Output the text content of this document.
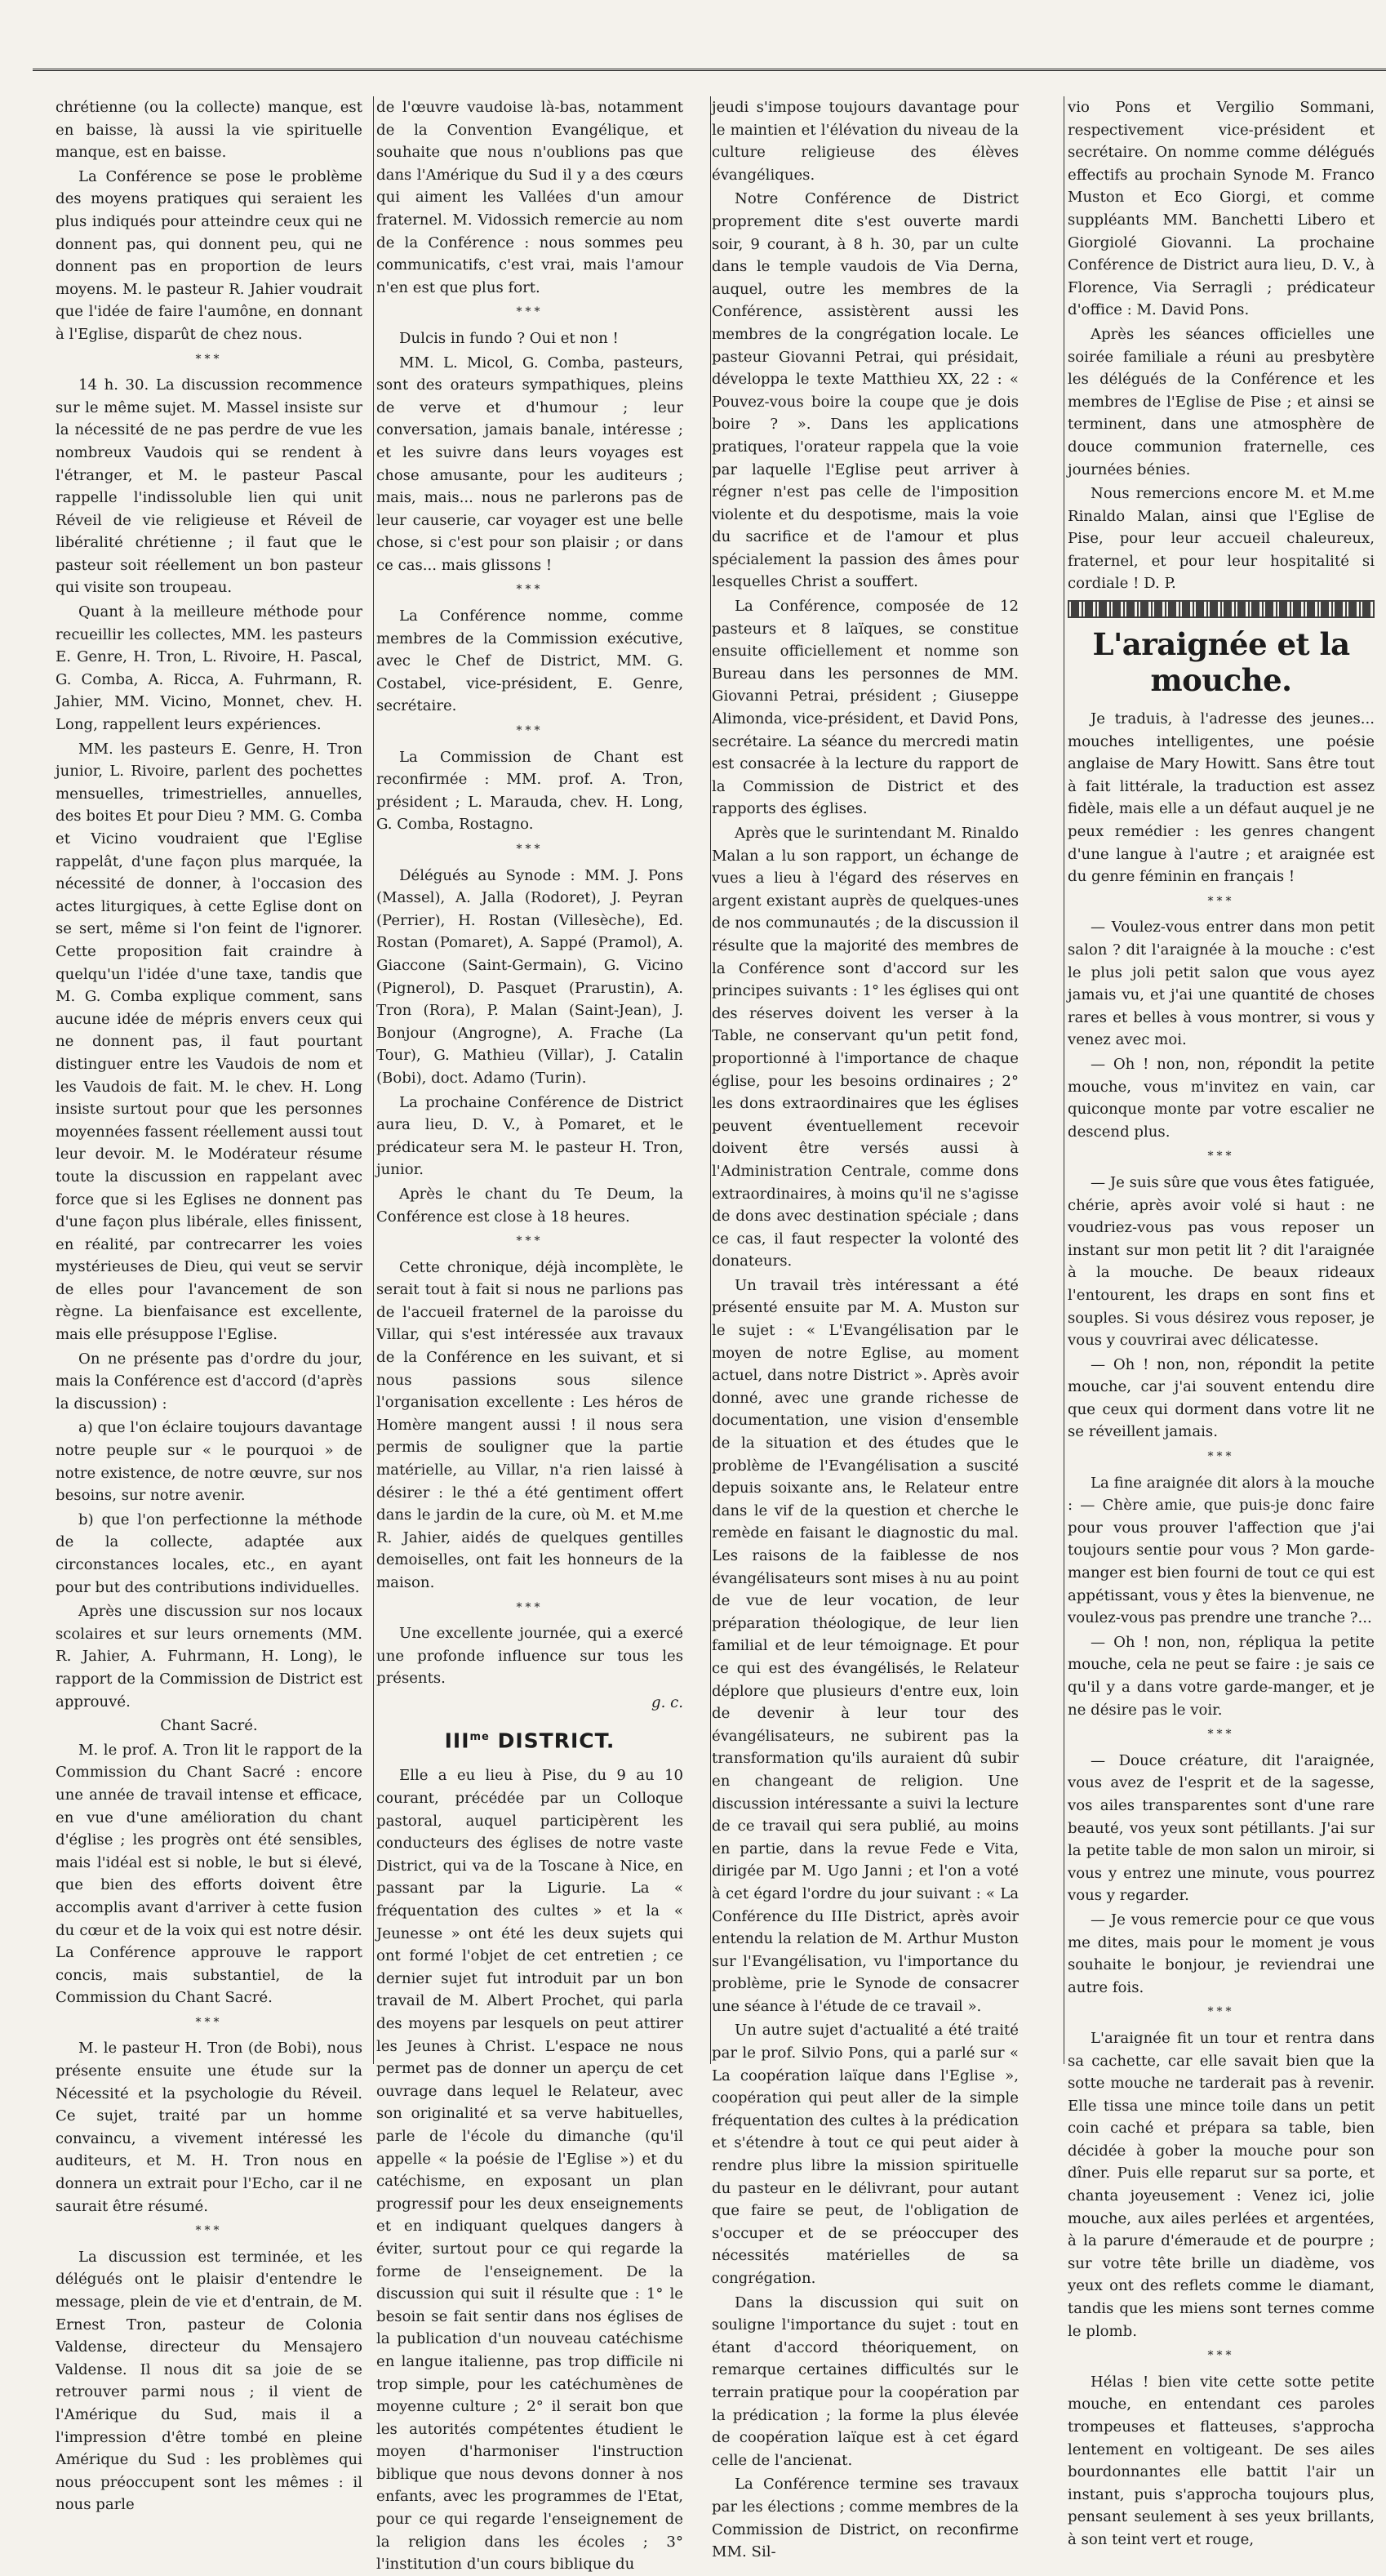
chrétienne (ou la collecte) manque, est en baisse, là aussi la vie spirituelle manque, est en baisse.

La Conférence se pose le problème des moyens pratiques qui seraient les plus indiqués pour atteindre ceux qui ne donnent pas, qui donnent peu, qui ne donnent pas en proportion de leurs moyens. M. le pasteur R. Jahier voudrait que l'idée de faire l'aumône, en donnant à l'Eglise, disparût de chez nous.

***

14 h. 30. La discussion recommence sur le même sujet. M. Massel insiste sur la nécessité de ne pas perdre de vue les nombreux Vaudois qui se rendent à l'étranger, et M. le pasteur Pascal rappelle l'indissoluble lien qui unit Réveil de vie religieuse et Réveil de libéralité chrétienne ; il faut que le pasteur soit réellement un bon pasteur qui visite son troupeau.

Quant à la meilleure méthode pour recueillir les collectes, MM. les pasteurs E. Genre, H. Tron, L. Rivoire, H. Pascal, G. Comba, A. Ricca, A. Fuhrmann, R. Jahier, MM. Vicino, Monnet, chev. H. Long, rappellent leurs expériences.

MM. les pasteurs E. Genre, H. Tron junior, L. Rivoire, parlent des pochettes mensuelles, trimestrielles, annuelles, des boites Et pour Dieu ? MM. G. Comba et Vicino voudraient que l'Eglise rappelât, d'une façon plus marquée, la nécessité de donner, à l'occasion des actes liturgiques, à cette Eglise dont on se sert, même si l'on feint de l'ignorer. Cette proposition fait craindre à quelqu'un l'idée d'une taxe, tandis que M. G. Comba explique comment, sans aucune idée de mépris envers ceux qui ne donnent pas, il faut pourtant distinguer entre les Vaudois de nom et les Vaudois de fait. M. le chev. H. Long insiste surtout pour que les personnes moyennées fassent réellement aussi tout leur devoir. M. le Modérateur résume toute la discussion en rappelant avec force que si les Eglises ne donnent pas d'une façon plus libérale, elles finissent, en réalité, par contrecarrer les voies mystérieuses de Dieu, qui veut se servir de elles pour l'avancement de son règne. La bienfaisance est excellente, mais elle présuppose l'Eglise.

On ne présente pas d'ordre du jour, mais la Conférence est d'accord (d'après la discussion) :

a) que l'on éclaire toujours davantage notre peuple sur « le pourquoi » de notre existence, de notre œuvre, sur nos besoins, sur notre avenir.

b) que l'on perfectionne la méthode de la collecte, adaptée aux circonstances locales, etc., en ayant pour but des contributions individuelles.

Après une discussion sur nos locaux scolaires et sur leurs ornements (MM. R. Jahier, A. Fuhrmann, H. Long), le rapport de la Commission de District est approuvé.

Chant Sacré.

M. le prof. A. Tron lit le rapport de la Commission du Chant Sacré : encore une année de travail intense et efficace, en vue d'une amélioration du chant d'église ; les progrès ont été sensibles, mais l'idéal est si noble, le but si élevé, que bien des efforts doivent être accomplis avant d'arriver à cette fusion du cœur et de la voix qui est notre désir. La Conférence approuve le rapport concis, mais substantiel, de la Commission du Chant Sacré.

***

M. le pasteur H. Tron (de Bobi), nous présente ensuite une étude sur la Nécessité et la psychologie du Réveil. Ce sujet, traité par un homme convaincu, a vivement intéressé les auditeurs, et M. H. Tron nous en donnera un extrait pour l'Echo, car il ne saurait être résumé.

***

La discussion est terminée, et les délégués ont le plaisir d'entendre le message, plein de vie et d'entrain, de M. Ernest Tron, pasteur de Colonia Valdense, directeur du Mensajero Valdense. Il nous dit sa joie de se retrouver parmi nous ; il vient de l'Amérique du Sud, mais il a l'impression d'être tombé en pleine Amérique du Sud : les problèmes qui nous préoccupent sont les mêmes : il nous parle

de l'œuvre vaudoise là-bas, notamment de la Convention Evangélique, et souhaite que nous n'oublions pas que dans l'Amérique du Sud il y a des cœurs qui aiment les Vallées d'un amour fraternel. M. Vidossich remercie au nom de la Conférence : nous sommes peu communicatifs, c'est vrai, mais l'amour n'en est que plus fort.

***

Dulcis in fundo ? Oui et non !

MM. L. Micol, G. Comba, pasteurs, sont des orateurs sympathiques, pleins de verve et d'humour ; leur conversation, jamais banale, intéresse ; et les suivre dans leurs voyages est chose amusante, pour les auditeurs ; mais, mais... nous ne parlerons pas de leur causerie, car voyager est une belle chose, si c'est pour son plaisir ; or dans ce cas... mais glissons !

***

La Conférence nomme, comme membres de la Commission exécutive, avec le Chef de District, MM. G. Costabel, vice-président, E. Genre, secrétaire.

***

La Commission de Chant est reconfirmée : MM. prof. A. Tron, président ; L. Marauda, chev. H. Long, G. Comba, Rostagno.

***

Délégués au Synode : MM. J. Pons (Massel), A. Jalla (Rodoret), J. Peyran (Perrier), H. Rostan (Villesèche), Ed. Rostan (Pomaret), A. Sappé (Pramol), A. Giaccone (Saint-Germain), G. Vicino (Pignerol), D. Pasquet (Prarustin), A. Tron (Rora), P. Malan (Saint-Jean), J. Bonjour (Angrogne), A. Frache (La Tour), G. Mathieu (Villar), J. Catalin (Bobi), doct. Adamo (Turin).

La prochaine Conférence de District aura lieu, D. V., à Pomaret, et le prédicateur sera M. le pasteur H. Tron, junior.

Après le chant du Te Deum, la Conférence est close à 18 heures.

***

Cette chronique, déjà incomplète, le serait tout à fait si nous ne parlions pas de l'accueil fraternel de la paroisse du Villar, qui s'est intéressée aux travaux de la Conférence en les suivant, et si nous passions sous silence l'organisation excellente : Les héros de Homère mangent aussi ! il nous sera permis de souligner que la partie matérielle, au Villar, n'a rien laissé à désirer : le thé a été gentiment offert dans le jardin de la cure, où M. et M.me R. Jahier, aidés de quelques gentilles demoiselles, ont fait les honneurs de la maison.

***

Une excellente journée, qui a exercé une profonde influence sur tous les présents.

g. c.

$III^{me}$ DISTRICT.

Elle a eu lieu à Pise, du 9 au 10 courant, précédée par un Colloque pastoral, auquel participèrent les conducteurs des églises de notre vaste District, qui va de la Toscane à Nice, en passant par la Ligurie. La « fréquentation des cultes » et la « Jeunesse » ont été les deux sujets qui ont formé l'objet de cet entretien ; ce dernier sujet fut introduit par un bon travail de M. Albert Prochet, qui parla des moyens par lesquels on peut attirer les Jeunes à Christ. L'espace ne nous permet pas de donner un aperçu de cet ouvrage dans lequel le Relateur, avec son originalité et sa verve habituelles, parle de l'école du dimanche (qu'il appelle « la poésie de l'Eglise ») et du catéchisme, en exposant un plan progressif pour les deux enseignements et en indiquant quelques dangers à éviter, surtout pour ce qui regarde la forme de l'enseignement. De la discussion qui suit il résulte que : 1° le besoin se fait sentir dans nos églises de la publication d'un nouveau catéchisme en langue italienne, pas trop difficile ni trop simple, pour les catéchumènes de moyenne culture ; 2° il serait bon que les autorités compétentes étudient le moyen d'harmoniser l'instruction biblique que nous devons donner à nos enfants, avec les programmes de l'Etat, pour ce qui regarde l'enseignement de la religion dans les écoles ; 3° l'institution d'un cours biblique du

jeudi s'impose toujours davantage pour le maintien et l'élévation du niveau de la culture religieuse des élèves évangéliques.

Notre Conférence de District proprement dite s'est ouverte mardi soir, 9 courant, à 8 h. 30, par un culte dans le temple vaudois de Via Derna, auquel, outre les membres de la Conférence, assistèrent aussi les membres de la congrégation locale. Le pasteur Giovanni Petrai, qui présidait, développa le texte Matthieu XX, 22 : « Pouvez-vous boire la coupe que je dois boire ? ». Dans les applications pratiques, l'orateur rappela que la voie par laquelle l'Eglise peut arriver à régner n'est pas celle de l'imposition violente et du despotisme, mais la voie du sacrifice et de l'amour et plus spécialement la passion des âmes pour lesquelles Christ a souffert.

La Conférence, composée de 12 pasteurs et 8 laïques, se constitue ensuite officiellement et nomme son Bureau dans les personnes de MM. Giovanni Petrai, président ; Giuseppe Alimonda, vice-président, et David Pons, secrétaire. La séance du mercredi matin est consacrée à la lecture du rapport de la Commission de District et des rapports des églises.

Après que le surintendant M. Rinaldo Malan a lu son rapport, un échange de vues a lieu à l'égard des réserves en argent existant auprès de quelques-unes de nos communautés ; de la discussion il résulte que la majorité des membres de la Conférence sont d'accord sur les principes suivants : 1° les églises qui ont des réserves doivent les verser à la Table, ne conservant qu'un petit fond, proportionné à l'importance de chaque église, pour les besoins ordinaires ; 2° les dons extraordinaires que les églises peuvent éventuellement recevoir doivent être versés aussi à l'Administration Centrale, comme dons extraordinaires, à moins qu'il ne s'agisse de dons avec destination spéciale ; dans ce cas, il faut respecter la volonté des donateurs.

Un travail très intéressant a été présenté ensuite par M. A. Muston sur le sujet : « L'Evangélisation par le moyen de notre Eglise, au moment actuel, dans notre District ». Après avoir donné, avec une grande richesse de documentation, une vision d'ensemble de la situation et des études que le problème de l'Evangélisation a suscité depuis soixante ans, le Relateur entre dans le vif de la question et cherche le remède en faisant le diagnostic du mal. Les raisons de la faiblesse de nos évangélisateurs sont mises à nu au point de vue de leur vocation, de leur préparation théologique, de leur lien familial et de leur témoignage. Et pour ce qui est des évangélisés, le Relateur déplore que plusieurs d'entre eux, loin de devenir à leur tour des évangélisateurs, ne subirent pas la transformation qu'ils auraient dû subir en changeant de religion. Une discussion intéressante a suivi la lecture de ce travail qui sera publié, au moins en partie, dans la revue Fede e Vita, dirigée par M. Ugo Janni ; et l'on a voté à cet égard l'ordre du jour suivant : « La Conférence du IIIe District, après avoir entendu la relation de M. Arthur Muston sur l'Evangélisation, vu l'importance du problème, prie le Synode de consacrer une séance à l'étude de ce travail ».

Un autre sujet d'actualité a été traité par le prof. Silvio Pons, qui a parlé sur « La coopération laïque dans l'Eglise », coopération qui peut aller de la simple fréquentation des cultes à la prédication et s'étendre à tout ce qui peut aider à rendre plus libre la mission spirituelle du pasteur en le délivrant, pour autant que faire se peut, de l'obligation de s'occuper et de se préoccuper des nécessités matérielles de sa congrégation.

Dans la discussion qui suit on souligne l'importance du sujet : tout en étant d'accord théoriquement, on remarque certaines difficultés sur le terrain pratique pour la coopération par la prédication ; la forme la plus élevée de coopération laïque est à cet égard celle de l'ancienat.

La Conférence termine ses travaux par les élections ; comme membres de la Commission de District, on reconfirme MM. Sil-

vio Pons et Vergilio Sommani, respectivement vice-président et secrétaire. On nomme comme délégués effectifs au prochain Synode M. Franco Muston et Eco Giorgi, et comme suppléants MM. Banchetti Libero et Giorgiolé Giovanni. La prochaine Conférence de District aura lieu, D. V., à Florence, Via Serragli ; prédicateur d'office : M. David Pons.

Après les séances officielles une soirée familiale a réuni au presbytère les délégués de la Conférence et les membres de l'Eglise de Pise ; et ainsi se terminent, dans une atmosphère de douce communion fraternelle, ces journées bénies.

Nous remercions encore M. et M.me Rinaldo Malan, ainsi que l'Eglise de Pise, pour leur accueil chaleureux, fraternel, et pour leur hospitalité si cordiale ! D. P.

L'araignée et la mouche.

Je traduis, à l'adresse des jeunes... mouches intelligentes, une poésie anglaise de Mary Howitt. Sans être tout à fait littérale, la traduction est assez fidèle, mais elle a un défaut auquel je ne peux remédier : les genres changent d'une langue à l'autre ; et araignée est du genre féminin en français !

***

— Voulez-vous entrer dans mon petit salon ? dit l'araignée à la mouche : c'est le plus joli petit salon que vous ayez jamais vu, et j'ai une quantité de choses rares et belles à vous montrer, si vous y venez avec moi.

— Oh ! non, non, répondit la petite mouche, vous m'invitez en vain, car quiconque monte par votre escalier ne descend plus.

***

— Je suis sûre que vous êtes fatiguée, chérie, après avoir volé si haut : ne voudriez-vous pas vous reposer un instant sur mon petit lit ? dit l'araignée à la mouche. De beaux rideaux l'entourent, les draps en sont fins et souples. Si vous désirez vous reposer, je vous y couvrirai avec délicatesse.

— Oh ! non, non, répondit la petite mouche, car j'ai souvent entendu dire que ceux qui dorment dans votre lit ne se réveillent jamais.

***

La fine araignée dit alors à la mouche : — Chère amie, que puis-je donc faire pour vous prouver l'affection que j'ai toujours sentie pour vous ? Mon garde-manger est bien fourni de tout ce qui est appétissant, vous y êtes la bienvenue, ne voulez-vous pas prendre une tranche ?...

— Oh ! non, non, répliqua la petite mouche, cela ne peut se faire : je sais ce qu'il y a dans votre garde-manger, et je ne désire pas le voir.

***

— Douce créature, dit l'araignée, vous avez de l'esprit et de la sagesse, vos ailes transparentes sont d'une rare beauté, vos yeux sont pétillants. J'ai sur la petite table de mon salon un miroir, si vous y entrez une minute, vous pourrez vous y regarder.

— Je vous remercie pour ce que vous me dites, mais pour le moment je vous souhaite le bonjour, je reviendrai une autre fois.

***

L'araignée fit un tour et rentra dans sa cachette, car elle savait bien que la sotte mouche ne tarderait pas à revenir. Elle tissa une mince toile dans un petit coin caché et prépara sa table, bien décidée à gober la mouche pour son dîner. Puis elle reparut sur sa porte, et chanta joyeusement : Venez ici, jolie mouche, aux ailes perlées et argentées, à la parure d'émeraude et de pourpre ; sur votre tête brille un diadème, vos yeux ont des reflets comme le diamant, tandis que les miens sont ternes comme le plomb.

***

Hélas ! bien vite cette sotte petite mouche, en entendant ces paroles trompeuses et flatteuses, s'approcha lentement en voltigeant. De ses ailes bourdonnantes elle battit l'air un instant, puis s'approcha toujours plus, pensant seulement à ses yeux brillants, à son teint vert et rouge,
